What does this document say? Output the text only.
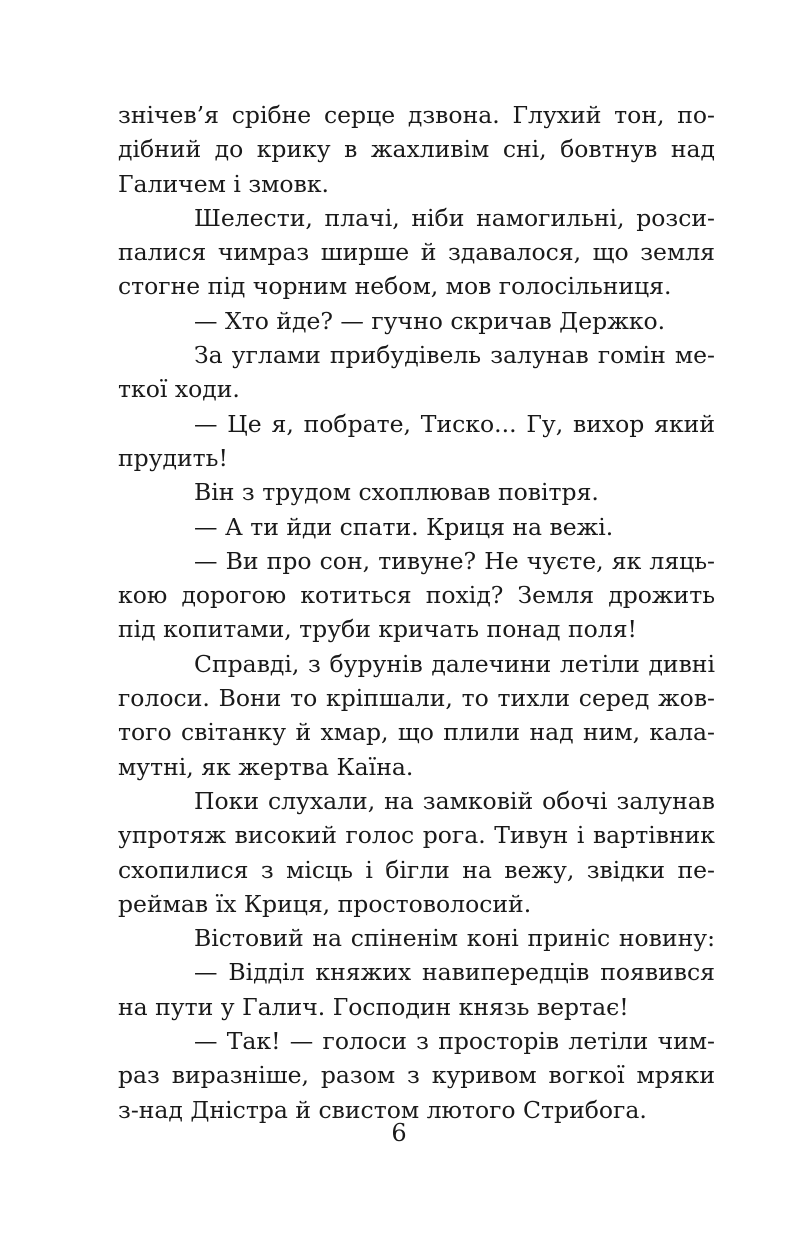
знічев’я срібне серце дзвона. Глухий тон, по-
дібний до крику в жахливім сні, бовтнув над
Галичем і змовк.
Шелести, плачі, ніби намогильні, розси-
палися чимраз ширше й здавалося, що земля
стогне під чорним небом, мов голосільниця.
— Хто йде? — гучно скричав Держко.
За углами прибудівель залунав гомін ме-
ткої ходи.
— Це я, побрате, Тиско... Гу, вихор який
прудить!
Він з трудом схоплював повітря.
— А ти йди спати. Криця на вежі.
— Ви про сон, тивуне? Не чуєте, як ляць-
кою дорогою котиться похід? Земля дрожить
під копитами, труби кричать понад поля!
Справді, з бурунів далечини летіли дивні
голоси. Вони то кріпшали, то тихли серед жов-
того світанку й хмар, що плили над ним, кала-
мутні, як жертва Каїна.
Поки слухали, на замковій обочі залунав
упротяж високий голос рога. Тивун і вартівник
схопилися з місць і бігли на вежу, звідки пе-
реймав їх Криця, простоволосий.
Вістовий на спіненім коні приніс новину:
— Відділ княжих навипередців появився
на пути у Галич. Господин князь вертає!
— Так! — голоси з просторів летіли чим-
раз виразніше, разом з куривом вогкої мряки
з-над Дністра й свистом лютого Стрибога.
6
